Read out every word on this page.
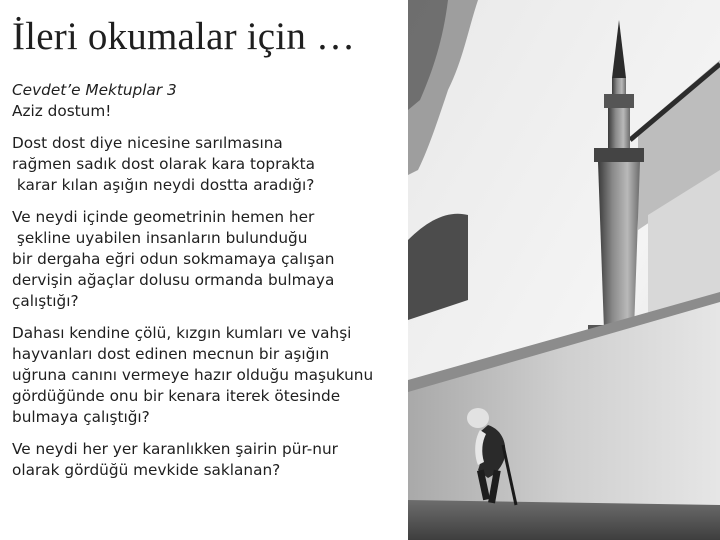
İleri okumalar için …
Cevdet’e Mektuplar 3
Aziz dostum!
Dost dost diye nicesine sarılmasına
rağmen sadık dost olarak kara toprakta
karar kılan aşığın neydi dostta aradığı?
Ve neydi içinde geometrinin hemen her
şekline uyabilen insanların bulunduğu
bir dergaha eğri odun sokmamaya çalışan
dervişin ağaçlar dolusu ormanda bulmaya
çalıştığı?
Dahası kendine çölü, kızgın kumları ve vahşi
hayvanları dost edinen mecnun bir aşığın
uğruna canını vermeye hazır olduğu maşukunu
gördüğünde onu bir kenara iterek ötesinde
bulmaya çalıştığı?
Ve neydi her yer karanlıkken şairin pür-nur
olarak gördüğü mevkide saklanan?
